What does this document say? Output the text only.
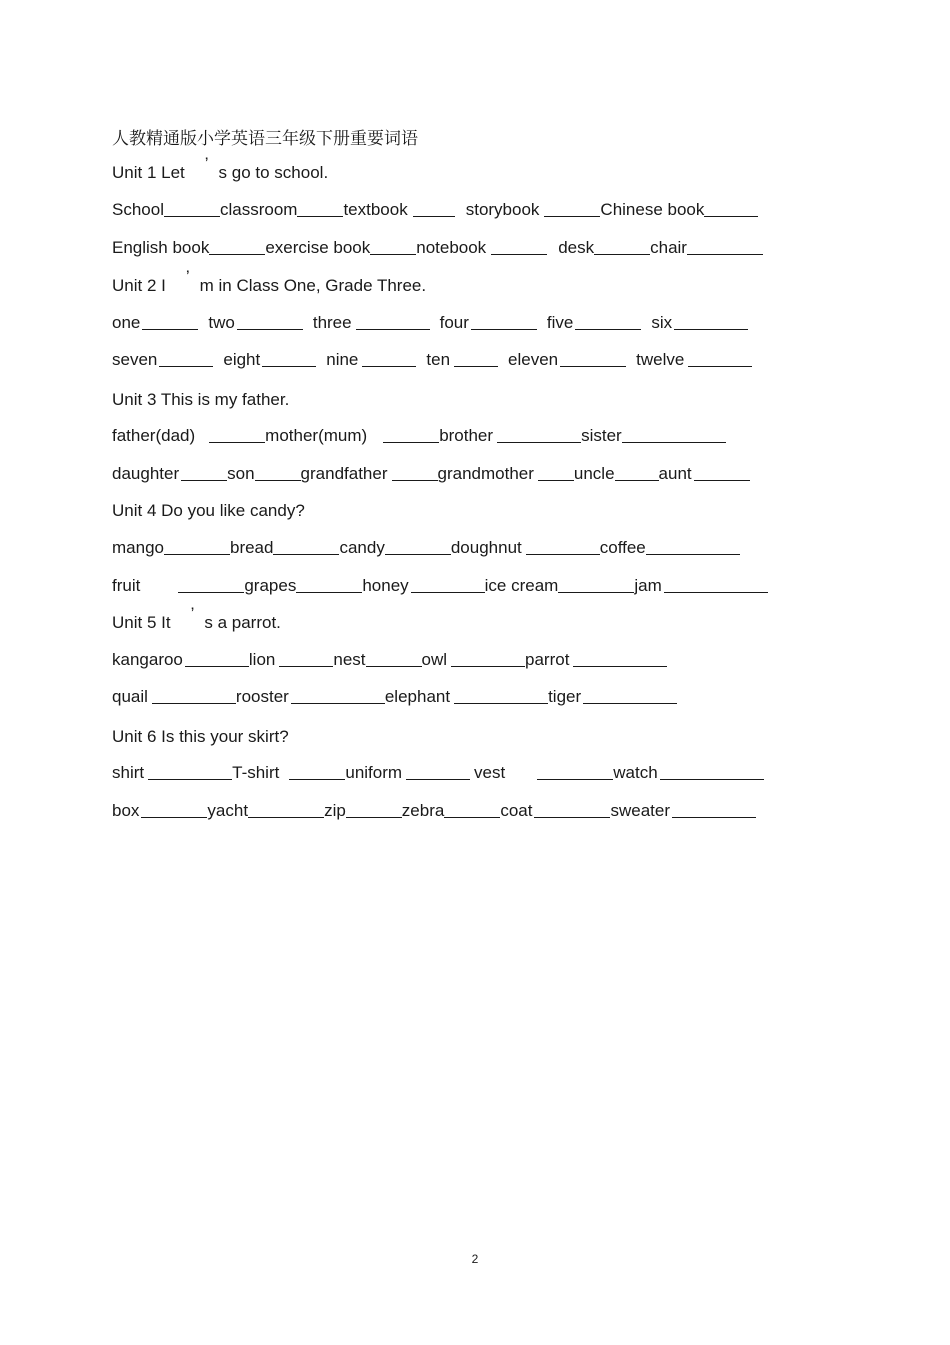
人教精通版小学英语三年级下册重要词语
Unit 1 Let ’ s go to school.
School	classroom	textbook	storybook	Chinese book
English book	exercise book	notebook	desk	chair
Unit 2 I ’ m in Class One, Grade Three.
one	two	three	four	five	six
seven	eight	nine	ten	eleven	twelve
Unit 3 This is my father.
father(dad)	mother(mum)	brother	sister
daughter	son	grandfather	grandmother uncle	aunt
Unit 4 Do you like candy?
mango	bread	candy	doughnut	coffee
fruit	grapes	honey	ice cream	jam
Unit 5 It ’ s a parrot.
kangaroo	lion	nest	owl	parrot
quail	rooster	elephant	tiger
Unit 6 Is this your skirt?
shirt	T-shirt	uniform	vest	watch
box	yacht	zip	zebra	coat	sweater
2
